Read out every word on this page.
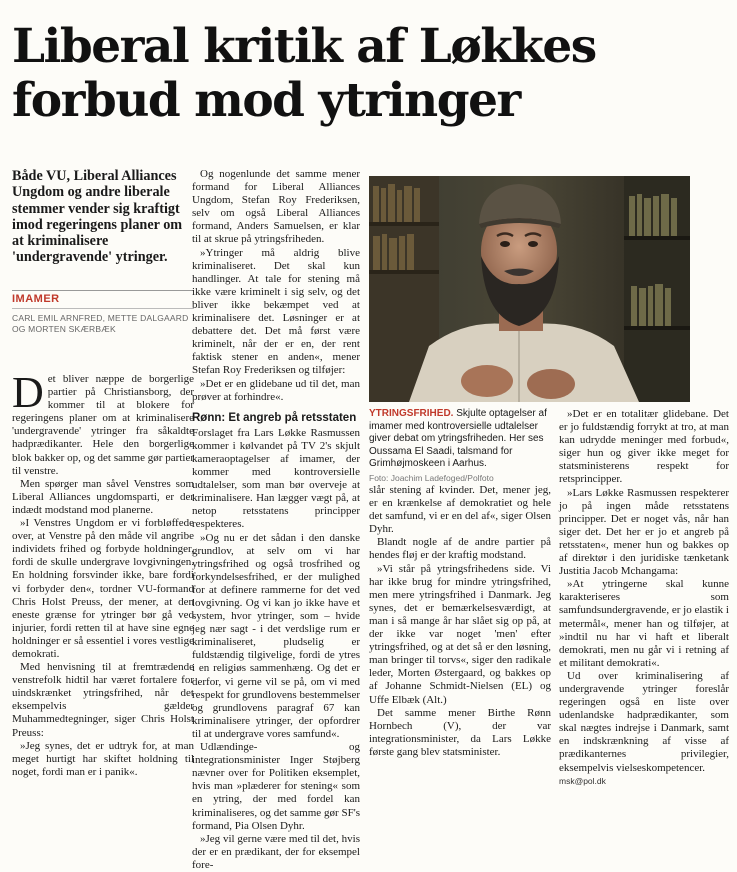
Liberal kritik af Løkkes forbud mod ytringer

Både VU, Liberal Alliances Ungdom og andre liberale stemmer vender sig kraftigt imod regeringens planer om at kriminalisere 'undergravende' ytringer.

IMAMER

CARL EMIL ARNFRED, METTE DALGAARD OG MORTEN SKÆRBÆK

Det bliver næppe de borgerlige partier på Christiansborg, der kommer til at blokere for regeringens planer om at kriminalisere 'undergravende' ytringer fra såkaldte hadprædikanter. Hele den borgerlige blok bakker op, og det samme gør partier til venstre.

Men spørger man såvel Venstres som Liberal Alliances ungdomsparti, er der indædt modstand mod planerne.

»I Venstres Ungdom er vi forbløffede over, at Venstre på den måde vil angribe individets frihed og forbyde holdninger, fordi de skulle undergrave lovgivningen. En holdning forsvinder ikke, bare fordi vi forbyder den«, tordner VU-formand Chris Holst Preuss, der mener, at den eneste grænse for ytringer bør gå ved injurier, fordi retten til at have sine egne holdninger er så essentiel i vores vestlige demokrati.

Med henvisning til at fremtrædende venstrefolk hidtil har været fortalere for uindskrænket ytringsfrihed, når det eksempelvis gælder Muhammedtegninger, siger Chris Holst Preuss:

»Jeg synes, det er udtryk for, at man meget hurtigt har skiftet holdning til noget, fordi man er i panik«.

Og nogenlunde det samme mener formand for Liberal Alliances Ungdom, Stefan Roy Frederiksen, selv om også Liberal Alliances formand, Anders Samuelsen, er klar til at skrue på ytringsfriheden.

»Ytringer må aldrig blive kriminaliseret. Det skal kun handlinger. At tale for stening må ikke være kriminelt i sig selv, og det bliver ikke bekæmpet ved at kriminalisere det. Løsninger er at debattere det. Det må først være kriminelt, når der er en, der rent faktisk stener en anden«, mener Stefan Roy Frederiksen og tilføjer:

»Det er en glidebane ud til det, man prøver at forhindre«.

Rønn: Et angreb på retsstaten

Forslaget fra Lars Løkke Rasmussen kommer i kølvandet på TV 2's skjult kameraoptagelser af imamer, der kommer med kontroversielle udtalelser, som man bør overveje at kriminalisere. Han lægger vægt på, at netop retsstatens principper respekteres.

»Og nu er det sådan i den danske grundlov, at selv om vi har ytringsfrihed og også trosfrihed og forkyndelsesfrihed, er der mulighed for at definere rammerne for det ved lovgivning. Og vi kan jo ikke have et system, hvor ytringer, som – hvide jeg nær sagt - i det verdslige rum er kriminaliseret, pludselig er fuldstændig tilgivelige, fordi de ytres i en religiøs sammenhæng. Og det er derfor, vi gerne vil se på, om vi med respekt for grundlovens bestemmelser og grundlovens paragraf 67 kan kriminalisere ytringer, der opfordrer til at undergrave vores samfund«.

Udlændinge- og integrationsminister Inger Støjberg nævner over for Politiken eksemplet, hvis man »plæderer for stening« som en ytring, der med fordel kan kriminaliseres, og det samme gør SF's formand, Pia Olsen Dyhr.

»Jeg vil gerne være med til det, hvis der er en prædikant, der for eksempel fore-

YTRINGSFRIHED. Skjulte optagelser af imamer med kontroversielle udtalelser giver debat om ytringsfriheden. Her ses Oussama El Saadi, talsmand for Grimhøjmoskeen i Aarhus.
Foto: Joachim Ladefoged/Polfoto

slår stening af kvinder. Det, mener jeg, er en krænkelse af demokratiet og hele det samfund, vi er en del af«, siger Olsen Dyhr.

Blandt nogle af de andre partier på hendes fløj er der kraftig modstand.

»Vi står på ytringsfrihedens side. Vi har ikke brug for mindre ytringsfrihed, men mere ytringsfrihed i Danmark. Jeg synes, det er bemærkelsesværdigt, at man i så mange år har slået sig op på, at der ikke var noget 'men' efter ytringsfrihed, og at det så er den løsning, man bringer til torvs«, siger den radikale leder, Morten Østergaard, og bakkes op af Johanne Schmidt-Nielsen (EL) og Uffe Elbæk (Alt.)

Det samme mener Birthe Rønn Hornbech (V), der var integrationsminister, da Lars Løkke første gang blev statsminister.

»Det er en totalitær glidebane. Det er jo fuldstændig forrykt at tro, at man kan udrydde meninger med forbud«, siger hun og giver ikke meget for statsministerens respekt for retsprincipper.

»Lars Løkke Rasmussen respekterer jo på ingen måde retsstatens principper. Det er noget vås, når han siger det. Det her er jo et angreb på retsstaten«, mener hun og bakkes op af direktør i den juridiske tænketank Justitia Jacob Mchangama:

»At ytringerne skal kunne karakteriseres som samfundsundergravende, er jo elastik i metermål«, mener han og tilføjer, at »indtil nu har vi haft et liberalt demokrati, men nu går vi i retning af et militant demokrati«.

Ud over kriminalisering af undergravende ytringer foreslår regeringen også en liste over udenlandske hadprædikanter, som skal nægtes indrejse i Danmark, samt en indskrænkning af visse af prædikanternes privilegier, eksempelvis vielseskompetencer.

msk@pol.dk
